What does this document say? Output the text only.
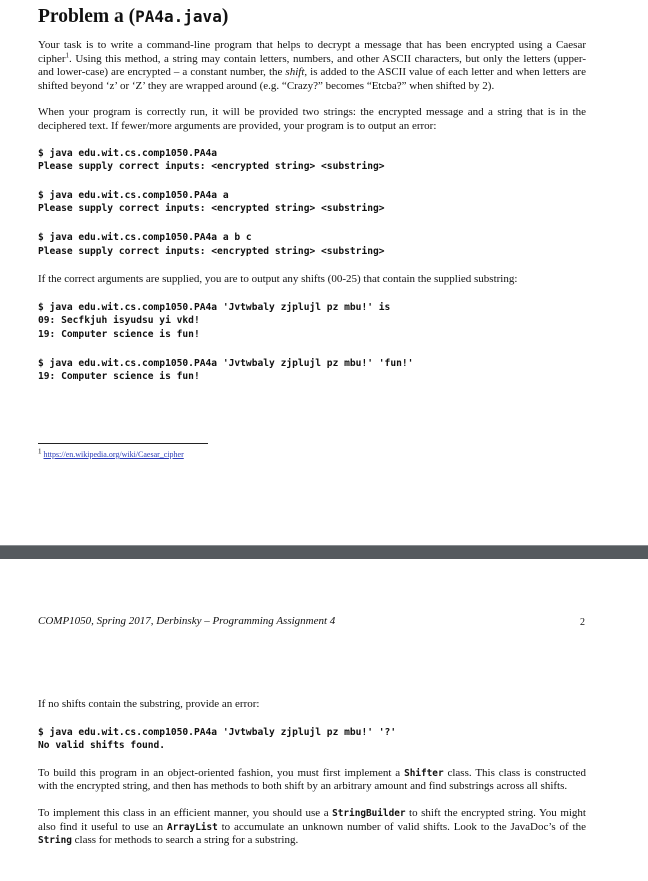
Problem a (PA4a.java)

Your task is to write a command-line program that helps to decrypt a message that has been encrypted using a Caesar cipher$^1$. Using this method, a string may contain letters, numbers, and other ASCII characters, but only the letters (upper- and lower-case) are encrypted – a constant number, the shift, is added to the ASCII value of each letter and when letters are shifted beyond ‘z’ or ‘Z’ they are wrapped around (e.g. “Crazy?” becomes “Etcba?” when shifted by 2).

When your program is correctly run, it will be provided two strings: the encrypted message and a string that is in the deciphered text. If fewer/more arguments are provided, your program is to output an error:

$ java edu.wit.cs.comp1050.PA4a
Please supply correct inputs: <encrypted string> <substring>
$ java edu.wit.cs.comp1050.PA4a a
Please supply correct inputs: <encrypted string> <substring>
$ java edu.wit.cs.comp1050.PA4a a b c
Please supply correct inputs: <encrypted string> <substring>

If the correct arguments are supplied, you are to output any shifts (00-25) that contain the supplied substring:

$ java edu.wit.cs.comp1050.PA4a 'Jvtwbaly zjplujl pz mbu!' is
09: Secfkjuh isyudsu yi vkd!
19: Computer science is fun!
$ java edu.wit.cs.comp1050.PA4a 'Jvtwbaly zjplujl pz mbu!' 'fun!'
19: Computer science is fun!
$^1$ https://en.wikipedia.org/wiki/Caesar_cipher
COMP1050, Spring 2017, Derbinsky – Programming Assignment 4	2

If no shifts contain the substring, provide an error:

$ java edu.wit.cs.comp1050.PA4a 'Jvtwbaly zjplujl pz mbu!' '?'
No valid shifts found.

To build this program in an object-oriented fashion, you must first implement a Shifter class. This class is constructed with the encrypted string, and then has methods to both shift by an arbitrary amount and find substrings across all shifts.

To implement this class in an efficient manner, you should use a StringBuilder to shift the encrypted string. You might also find it useful to use an ArrayList to accumulate an unknown number of valid shifts. Look to the JavaDoc’s of the String class for methods to search a string for a substring.
